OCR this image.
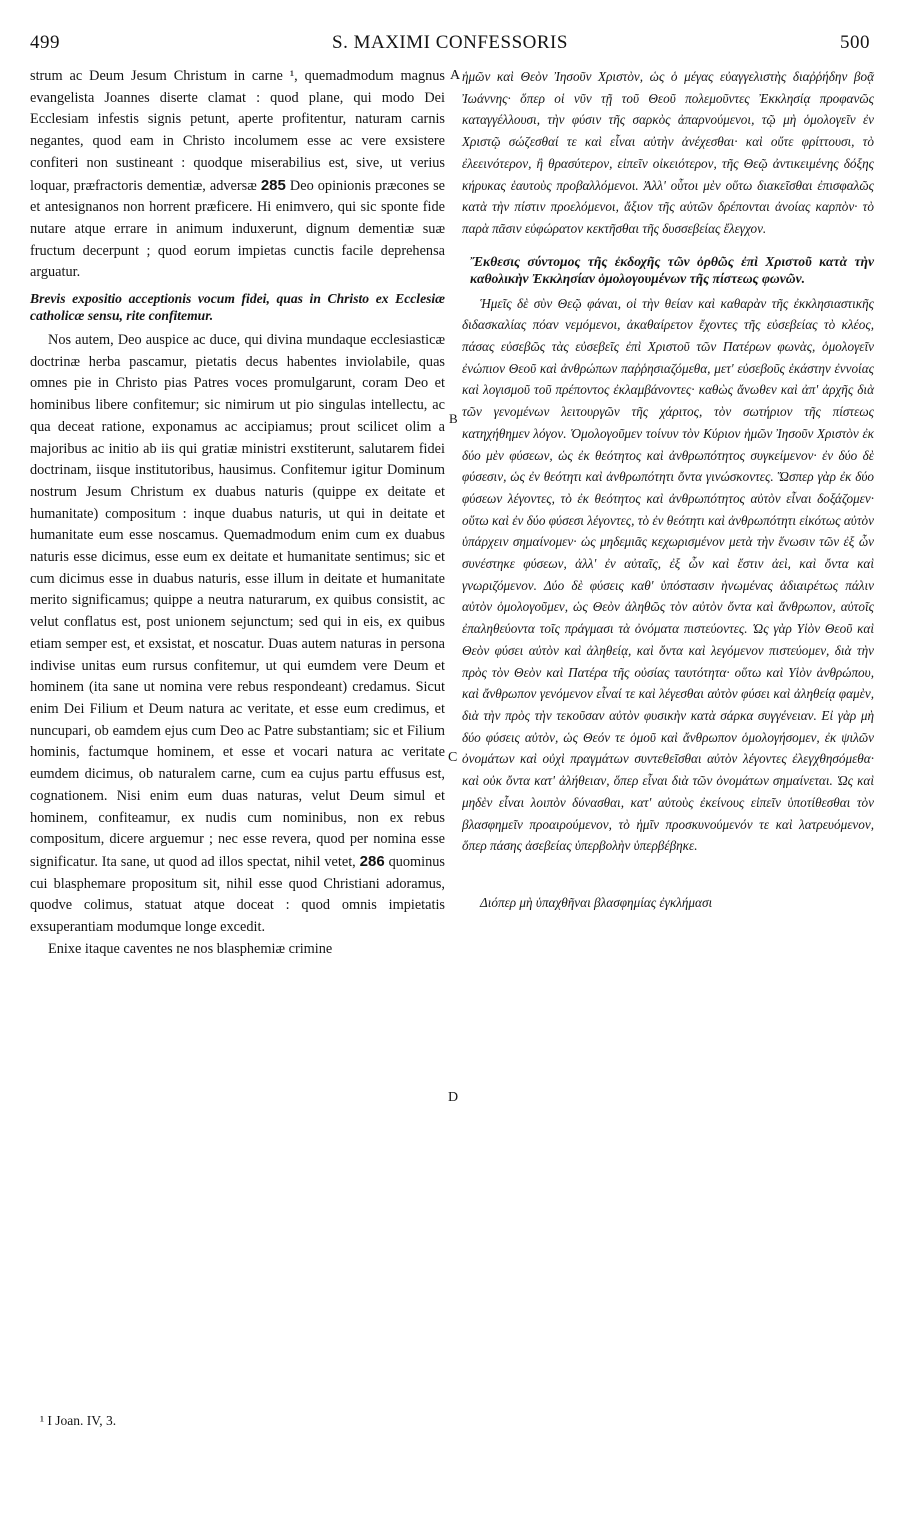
499	S. MAXIMI CONFESSORIS	500

strum ac Deum Jesum Christum in carne ¹, quemadmodum magnus evangelista Joannes diserte clamat : quod plane, qui modo Dei Ecclesiam infestis signis petunt, aperte profitentur, naturam carnis negantes, quod eam in Christo incolumem esse ac vere exsistere confiteri non sustineant : quodque miserabilius est, sive, ut verius loquar, præfractoris dementiæ, adversæ 285 Deo opinionis præcones se et antesignanos non horrent præficere. Hi enimvero, qui sic sponte fide nutare atque errare in animum induxerunt, dignum dementiæ suæ fructum decerpunt ; quod eorum impietas cunctis facile deprehensa arguatur.

Brevis expositio acceptionis vocum fidei, quas in Christo ex Ecclesiæ catholicæ sensu, rite confitemur.

Nos autem, Deo auspice ac duce, qui divina mundaque ecclesiasticæ doctrinæ herba pascamur, pietatis decus habentes inviolabile, quas omnes pie in Christo pias Patres voces promulgarunt, coram Deo et hominibus libere confitemur; sic nimirum ut pio singulas intellectu, ac qua deceat ratione, exponamus ac accipiamus; prout scilicet olim a majoribus ac initio ab iis qui gratiæ ministri exstiterunt, salutarem fidei doctrinam, iisque institutoribus, hausimus. Confitemur igitur Dominum nostrum Jesum Christum ex duabus naturis (quippe ex deitate et humanitate) compositum : inque duabus naturis, ut qui in deitate et humanitate eum esse noscamus. Quemadmodum enim cum ex duabus naturis esse dicimus, esse eum ex deitate et humanitate sentimus; sic et cum dicimus esse in duabus naturis, esse illum in deitate et humanitate merito significamus; quippe a neutra naturarum, ex quibus consistit, ac velut conflatus est, post unionem sejunctum; sed qui in eis, ex quibus etiam semper est, et exsistat, et noscatur. Duas autem naturas in persona indivise unitas eum rursus confitemur, ut qui eumdem vere Deum et hominem (ita sane ut nomina vere rebus respondeant) credamus. Sicut enim Dei Filium et Deum natura ac veritate, et esse eum credimus, et nuncupari, ob eamdem ejus cum Deo ac Patre substantiam; sic et Filium hominis, factumque hominem, et esse et vocari natura ac veritate eumdem dicimus, ob naturalem carne, cum ea cujus partu effusus est, cognationem. Nisi enim eum duas naturas, velut Deum simul et hominem, confiteamur, ex nudis cum nominibus, non ex rebus compositum, dicere arguemur ; nec esse revera, quod per nomina esse significatur. Ita sane, ut quod ad illos spectat, nihil vetet, 286 quominus cui blasphemare propositum sit, nihil esse quod Christiani adoramus, quodve colimus, statuat atque doceat : quod omnis impietatis exsuperantiam modumque longe excedit.

Enixe itaque caventes ne nos blasphemiæ crimine

A
B
C
D

ἡμῶν καὶ Θεὸν Ἰησοῦν Χριστὸν, ὡς ὁ μέγας εὐαγγελιστὴς διαῤῥήδην βοᾷ Ἰωάννης· ὅπερ οἱ νῦν τῇ τοῦ Θεοῦ πολεμοῦντες Ἐκκλησίᾳ προφανῶς καταγγέλλουσι, τὴν φύσιν τῆς σαρκὸς ἀπαρνούμενοι, τῷ μὴ ὁμολογεῖν ἐν Χριστῷ σώζεσθαί τε καὶ εἶναι αὐτὴν ἀνέχεσθαι· καὶ οὔτε φρίττουσι, τὸ ἐλεεινότερον, ἢ θρασύτερον, εἰπεῖν οἰκειότερον, τῆς Θεῷ ἀντικειμένης δόξης κήρυκας ἑαυτοὺς προβαλλόμενοι. Ἀλλ' οὗτοι μὲν οὕτω διακεῖσθαι ἐπισφαλῶς κατὰ τὴν πίστιν προελόμενοι, ἄξιον τῆς αὐτῶν δρέπονται ἀνοίας καρπὸν· τὸ παρὰ πᾶσιν εὐφώρατον κεκτῆσθαι τῆς δυσσεβείας ἔλεγχον.

Ἔκθεσις σύντομος τῆς ἐκδοχῆς τῶν ὀρθῶς ἐπὶ Χριστοῦ κατὰ τὴν καθολικὴν Ἐκκλησίαν ὁμολογουμένων τῆς πίστεως φωνῶν.

Ἡμεῖς δὲ σὺν Θεῷ φάναι, οἱ τὴν θείαν καὶ καθαρὰν τῆς ἐκκλησιαστικῆς διδασκαλίας πόαν νεμόμενοι, ἀκαθαίρετον ἔχοντες τῆς εὐσεβείας τὸ κλέος, πάσας εὐσεβῶς τὰς εὐσεβεῖς ἐπὶ Χριστοῦ τῶν Πατέρων φωνὰς, ὁμολογεῖν ἐνώπιον Θεοῦ καὶ ἀνθρώπων παῤῥησιαζόμεθα, μετ' εὐσεβοῦς ἑκάστην ἐννοίας καὶ λογισμοῦ τοῦ πρέποντος ἐκλαμβάνοντες· καθὼς ἄνωθεν καὶ ἀπ' ἀρχῆς διὰ τῶν γενομένων λειτουργῶν τῆς χάριτος, τὸν σωτήριον τῆς πίστεως κατηχήθημεν λόγον. Ὁμολογοῦμεν τοίνυν τὸν Κύριον ἡμῶν Ἰησοῦν Χριστὸν ἐκ δύο μὲν φύσεων, ὡς ἐκ θεότητος καὶ ἀνθρωπότητος συγκείμενον· ἐν δύο δὲ φύσεσιν, ὡς ἐν θεότητι καὶ ἀνθρωπότητι ὄντα γινώσκοντες. Ὥσπερ γὰρ ἐκ δύο φύσεων λέγοντες, τὸ ἐκ θεότητος καὶ ἀνθρωπότητος αὐτὸν εἶναι δοξάζομεν· οὕτω καὶ ἐν δύο φύσεσι λέγοντες, τὸ ἐν θεότητι καὶ ἀνθρωπότητι εἰκότως αὐτὸν ὑπάρχειν σημαίνομεν· ὡς μηδεμιᾶς κεχωρισμένον μετὰ τὴν ἕνωσιν τῶν ἐξ ὧν συνέστηκε φύσεων, ἀλλ' ἐν αὐταῖς, ἐξ ὧν καὶ ἔστιν ἀεὶ, καὶ ὄντα καὶ γνωριζόμενον. Δύο δὲ φύσεις καθ' ὑπόστασιν ἡνωμένας ἀδιαιρέτως πάλιν αὐτὸν ὁμολογοῦμεν, ὡς Θεὸν ἀληθῶς τὸν αὐτὸν ὄντα καὶ ἄνθρωπον, αὐτοῖς ἐπαληθεύοντα τοῖς πράγμασι τὰ ὀνόματα πιστεύοντες. Ὡς γὰρ Υἱὸν Θεοῦ καὶ Θεὸν φύσει αὐτὸν καὶ ἀληθείᾳ, καὶ ὄντα καὶ λεγόμενον πιστεύομεν, διὰ τὴν πρὸς τὸν Θεὸν καὶ Πατέρα τῆς οὐσίας ταυτότητα· οὕτω καὶ Υἱὸν ἀνθρώπου, καὶ ἄνθρωπον γενόμενον εἶναί τε καὶ λέγεσθαι αὐτὸν φύσει καὶ ἀληθείᾳ φαμὲν, διὰ τὴν πρὸς τὴν τεκοῦσαν αὐτὸν φυσικὴν κατὰ σάρκα συγγένειαν. Εἰ γὰρ μὴ δύο φύσεις αὐτὸν, ὡς Θεόν τε ὁμοῦ καὶ ἄνθρωπον ὁμολογήσομεν, ἐκ ψιλῶν ὀνομάτων καὶ οὐχὶ πραγμάτων συντεθεῖσθαι αὐτὸν λέγοντες ἐλεγχθησόμεθα· καὶ οὐκ ὄντα κατ' ἀλήθειαν, ὅπερ εἶναι διὰ τῶν ὀνομάτων σημαίνεται. Ὡς καὶ μηδὲν εἶναι λοιπὸν δύνασθαι, κατ' αὐτοὺς ἐκείνους εἰπεῖν ὑποτίθεσθαι τὸν βλασφημεῖν προαιρούμενον, τὸ ἡμῖν προσκυνούμενόν τε καὶ λατρευόμενον, ὅπερ πάσης ἀσεβείας ὑπερβολὴν ὑπερβέβηκε.

Διόπερ μὴ ὑπαχθῆναι βλασφημίας ἐγκλήμασι

¹ I Joan. IV, 3.
